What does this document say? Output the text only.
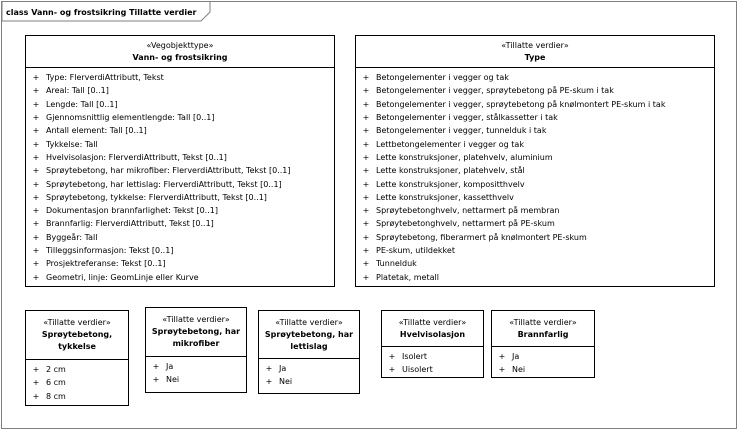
class Vann- og frostsikring Tillatte verdier
«Vegobjekttype»
Vann- og frostsikring
+ Type: FlerverdiAttributt, Tekst
+ Areal: Tall [0..1]
+ Lengde: Tall [0..1]
+ Gjennomsnittlig elementlengde: Tall [0..1]
+ Antall element: Tall [0..1]
+ Tykkelse: Tall
+ Hvelvisolasjon: FlerverdiAttributt, Tekst [0..1]
+ Sprøytebetong, har mikrofiber: FlerverdiAttributt, Tekst [0..1]
+ Sprøytebetong, har lettislag: FlerverdiAttributt, Tekst [0..1]
+ Sprøytebetong, tykkelse: FlerverdiAttributt, Tekst [0..1]
+ Dokumentasjon brannfarlighet: Tekst [0..1]
+ Brannfarlig: FlerverdiAttributt, Tekst [0..1]
+ Byggeår: Tall
+ Tilleggsinformasjon: Tekst [0..1]
+ Prosjektreferanse: Tekst [0..1]
+ Geometri, linje: GeomLinje eller Kurve
«Tillatte verdier»
Type
+ Betongelementer i vegger og tak
+ Betongelementer i vegger, sprøytebetong på PE-skum i tak
+ Betongelementer i vegger, sprøytebetong på knølmontert PE-skum i tak
+ Betongelementer i vegger, stålkassetter i tak
+ Betongelementer i vegger, tunnelduk i tak
+ Lettbetongelementer i vegger og tak
+ Lette konstruksjoner, platehvelv, aluminium
+ Lette konstruksjoner, platehvelv, stål
+ Lette konstruksjoner, kompositthvelv
+ Lette konstruksjoner, kassetthvelv
+ Sprøytebetonghvelv, nettarmert på membran
+ Sprøytebetonghvelv, nettarmert på PE-skum
+ Sprøytebetong, fiberarmert på knølmontert PE-skum
+ PE-skum, utildekket
+ Tunnelduk
+ Platetak, metall
«Tillatte verdier»
Sprøytebetong,
tykkelse
+ 2 cm
+ 6 cm
+ 8 cm
«Tillatte verdier»
Sprøytebetong, har
mikrofiber
+ Ja
+ Nei
«Tillatte verdier»
Sprøytebetong, har
lettislag
+ Ja
+ Nei
«Tillatte verdier»
Hvelvisolasjon
+ Isolert
+ Uisolert
«Tillatte verdier»
Brannfarlig
+ Ja
+ Nei
